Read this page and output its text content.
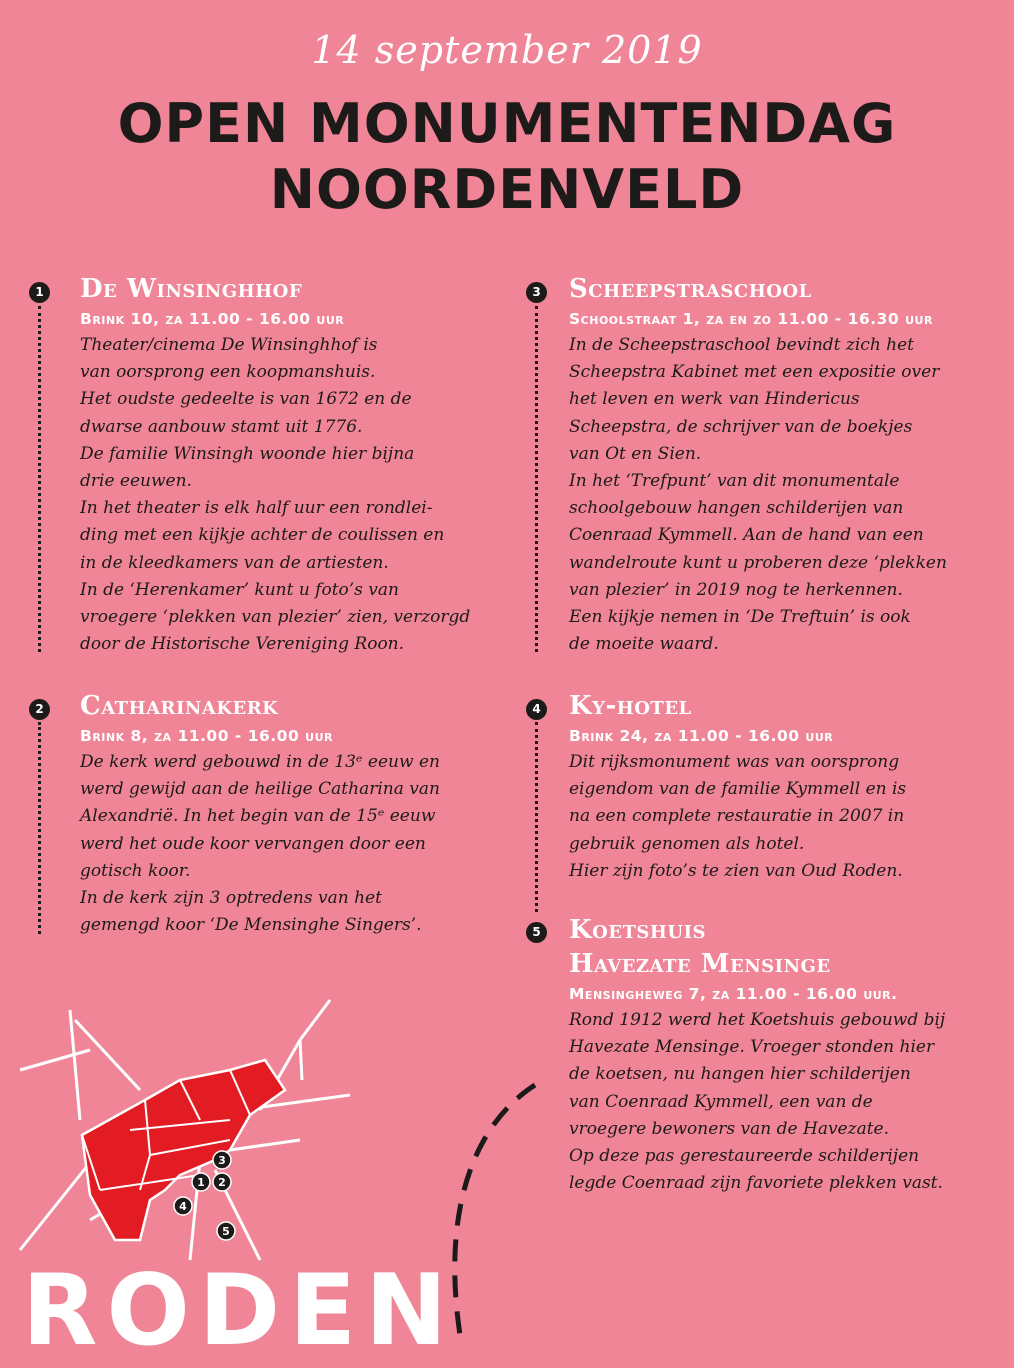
14 september 2019
OPEN MONUMENTENDAG
NOORDENVELD
1 De Winsinghhof
Brink 10, za 11.00 - 16.00 uur

Theater/cinema De Winsinghhof is

van oorsprong een koopmanshuis.

Het oudste gedeelte is van 1672 en de

dwarse aanbouw stamt uit 1776.

De familie Winsingh woonde hier bijna

drie eeuwen.

In het theater is elk half uur een rondlei-

ding met een kijkje achter de coulissen en

in de kleedkamers van de artiesten.

In de ‘Herenkamer’ kunt u foto’s van

vroegere ‘plekken van plezier’ zien, verzorgd

door de Historische Vereniging Roon.

2 Catharinakerk
Brink 8, za 11.00 - 16.00 uur

De kerk werd gebouwd in de 13ᵉ eeuw en

werd gewijd aan de heilige Catharina van

Alexandrië. In het begin van de 15ᵉ eeuw

werd het oude koor vervangen door een

gotisch koor.

In de kerk zijn 3 optredens van het

gemengd koor ‘De Mensinghe Singers’.

3 Scheepstraschool
Schoolstraat 1, za en zo 11.00 - 16.30 uur

In de Scheepstraschool bevindt zich het

Scheepstra Kabinet met een expositie over

het leven en werk van Hindericus

Scheepstra, de schrijver van de boekjes

van Ot en Sien.

In het ‘Trefpunt’ van dit monumentale

schoolgebouw hangen schilderijen van

Coenraad Kymmell. Aan de hand van een

wandelroute kunt u proberen deze ‘plekken

van plezier’ in 2019 nog te herkennen.

Een kijkje nemen in ‘De Treftuin’ is ook

de moeite waard.

4 Ky-hotel
Brink 24, za 11.00 - 16.00 uur

Dit rijksmonument was van oorsprong

eigendom van de familie Kymmell en is

na een complete restauratie in 2007 in

gebruik genomen als hotel.

Hier zijn foto’s te zien van Oud Roden.

5 Koetshuis
Havezate Mensinge
Mensingheweg 7, za 11.00 - 16.00 uur.

Rond 1912 werd het Koetshuis gebouwd bij

Havezate Mensinge. Vroeger stonden hier

de koetsen, nu hangen hier schilderijen

van Coenraad Kymmell, een van de

vroegere bewoners van de Havezate.

Op deze pas gerestaureerde schilderijen

legde Coenraad zijn favoriete plekken vast.

3
1 2
4
5
RODEN
